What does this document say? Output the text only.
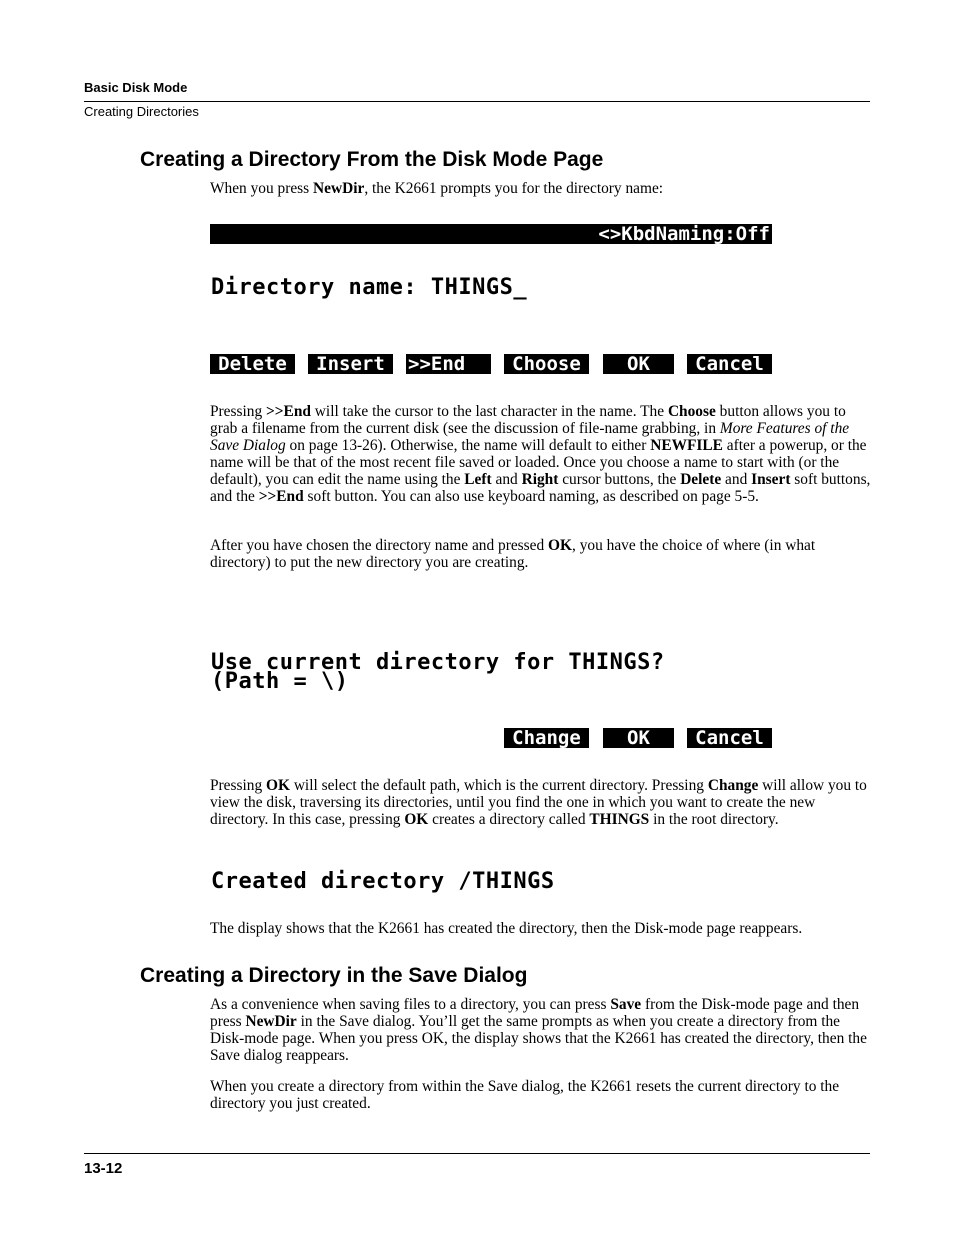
Basic Disk Mode
Creating Directories
Creating a Directory From the Disk Mode Page

When you press NewDir, the K2661 prompts you for the directory name:

<>KbdNaming:Off

Directory name: THINGS_
Delete	Insert	>>End	Choose	OK	Cancel

Pressing >>End will take the cursor to the last character in the name. The Choose button allows you to grab a filename from the current disk (see the discussion of file-name grabbing, in More Features of the Save Dialog on page 13-26). Otherwise, the name will default to either NEWFILE after a powerup, or the name will be that of the most recent file saved or loaded. Once you choose a name to start with (or the default), you can edit the name using the Left and Right cursor buttons, the Delete and Insert soft buttons, and the >>End soft button. You can also use keyboard naming, as described on page 5-5.

After you have chosen the directory name and pressed OK, you have the choice of where (in what directory) to put the new directory you are creating.

Use current directory for THINGS?
(Path = \)
Change	OK	Cancel

Pressing OK will select the default path, which is the current directory. Pressing Change will allow you to view the disk, traversing its directories, until you find the one in which you want to create the new directory. In this case, pressing OK creates a directory called THINGS in the root directory.

Created directory /THINGS

The display shows that the K2661 has created the directory, then the Disk-mode page reappears.

Creating a Directory in the Save Dialog

As a convenience when saving files to a directory, you can press Save from the Disk-mode page and then press NewDir in the Save dialog. You’ll get the same prompts as when you create a directory from the Disk-mode page. When you press OK, the display shows that the K2661 has created the directory, then the Save dialog reappears.

When you create a directory from within the Save dialog, the K2661 resets the current directory to the directory you just created.

13-12
